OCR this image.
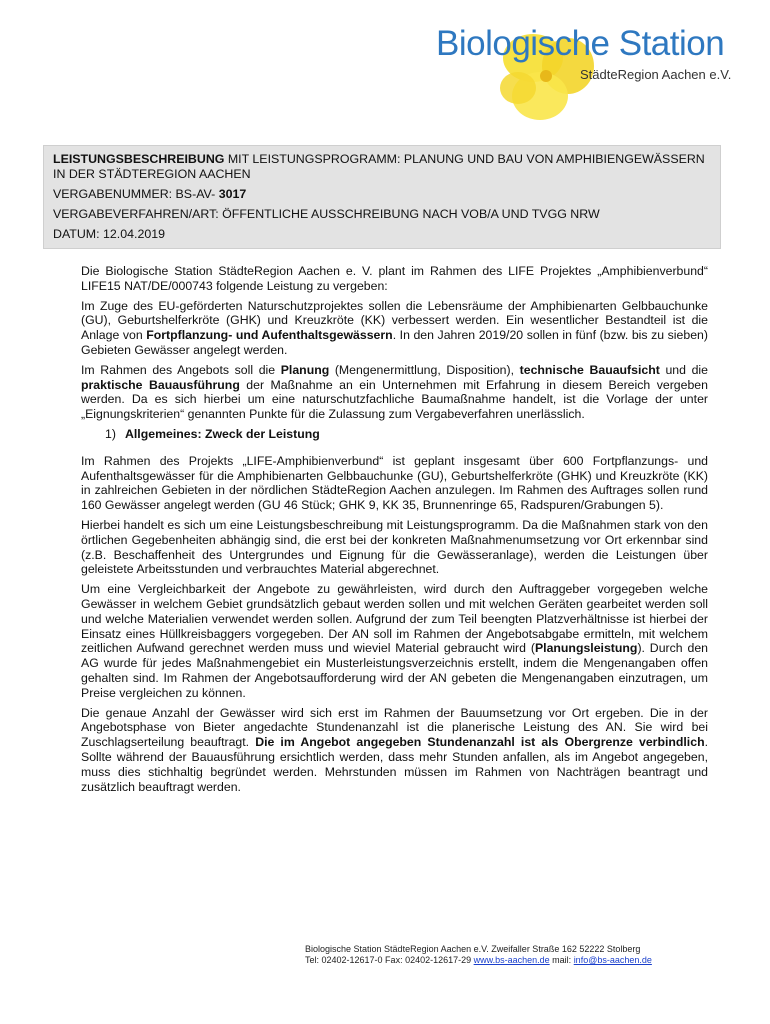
Biologische Station
StädteRegion Aachen e.V.
LEISTUNGSBESCHREIBUNG MIT LEISTUNGSPROGRAMM: PLANUNG UND BAU VON AMPHIBIENGEWÄSSERN IN DER STÄDTEREGION AACHEN
VERGABENUMMER: BS-AV- 3017
VERGABEVERFAHREN/ART: ÖFFENTLICHE AUSSCHREIBUNG NACH VOB/A UND TVGG NRW
DATUM: 12.04.2019

Die Biologische Station StädteRegion Aachen e. V. plant im Rahmen des LIFE Projektes „Amphibienverbund“ LIFE15 NAT/DE/000743 folgende Leistung zu vergeben:

Im Zuge des EU-geförderten Naturschutzprojektes sollen die Lebensräume der Amphibienarten Gelbbauchunke (GU), Geburtshelferkröte (GHK) und Kreuzkröte (KK) verbessert werden. Ein wesentlicher Bestandteil ist die Anlage von Fortpflanzung- und Aufenthaltsgewässern. In den Jahren 2019/20 sollen in fünf (bzw. bis zu sieben) Gebieten Gewässer angelegt werden.

Im Rahmen des Angebots soll die Planung (Mengenermittlung, Disposition), technische Bauaufsicht und die praktische Bauausführung der Maßnahme an ein Unternehmen mit Erfahrung in diesem Bereich vergeben werden. Da es sich hierbei um eine naturschutzfachliche Baumaßnahme handelt, ist die Vorlage der unter „Eignungskriterien“ genannten Punkte für die Zulassung zum Vergabeverfahren unerlässlich.

1) Allgemeines: Zweck der Leistung

Im Rahmen des Projekts „LIFE-Amphibienverbund“ ist geplant insgesamt über 600 Fortpflanzungs- und Aufenthaltsgewässer für die Amphibienarten Gelbbauchunke (GU), Geburtshelferkröte (GHK) und Kreuzkröte (KK) in zahlreichen Gebieten in der nördlichen StädteRegion Aachen anzulegen. Im Rahmen des Auftrages sollen rund 160 Gewässer angelegt werden (GU 46 Stück; GHK 9, KK 35, Brunnenringe 65, Radspuren/Grabungen 5).

Hierbei handelt es sich um eine Leistungsbeschreibung mit Leistungsprogramm. Da die Maßnahmen stark von den örtlichen Gegebenheiten abhängig sind, die erst bei der konkreten Maßnahmenumsetzung vor Ort erkennbar sind (z.B. Beschaffenheit des Untergrundes und Eignung für die Gewässeranlage), werden die Leistungen über geleistete Arbeitsstunden und verbrauchtes Material abgerechnet.

Um eine Vergleichbarkeit der Angebote zu gewährleisten, wird durch den Auftraggeber vorgegeben welche Gewässer in welchem Gebiet grundsätzlich gebaut werden sollen und mit welchen Geräten gearbeitet werden soll und welche Materialien verwendet werden sollen. Aufgrund der zum Teil beengten Platzverhältnisse ist hierbei der Einsatz eines Hüllkreisbaggers vorgegeben. Der AN soll im Rahmen der Angebotsabgabe ermitteln, mit welchem zeitlichen Aufwand gerechnet werden muss und wieviel Material gebraucht wird (Planungsleistung). Durch den AG wurde für jedes Maßnahmengebiet ein Musterleistungsverzeichnis erstellt, indem die Mengenangaben offen gehalten sind. Im Rahmen der Angebotsaufforderung wird der AN gebeten die Mengenangaben einzutragen, um Preise vergleichen zu können.

Die genaue Anzahl der Gewässer wird sich erst im Rahmen der Bauumsetzung vor Ort ergeben. Die in der Angebotsphase von Bieter angedachte Stundenanzahl ist die planerische Leistung des AN. Sie wird bei Zuschlagserteilung beauftragt. Die im Angebot angegeben Stundenanzahl ist als Obergrenze verbindlich. Sollte während der Bauausführung ersichtlich werden, dass mehr Stunden anfallen, als im Angebot angegeben, muss dies stichhaltig begründet werden. Mehrstunden müssen im Rahmen von Nachträgen beantragt und zusätzlich beauftragt werden.

Biologische Station StädteRegion Aachen e.V. Zweifaller Straße 162 52222 Stolberg
Tel: 02402-12617-0 Fax: 02402-12617-29 www.bs-aachen.de mail: info@bs-aachen.de
